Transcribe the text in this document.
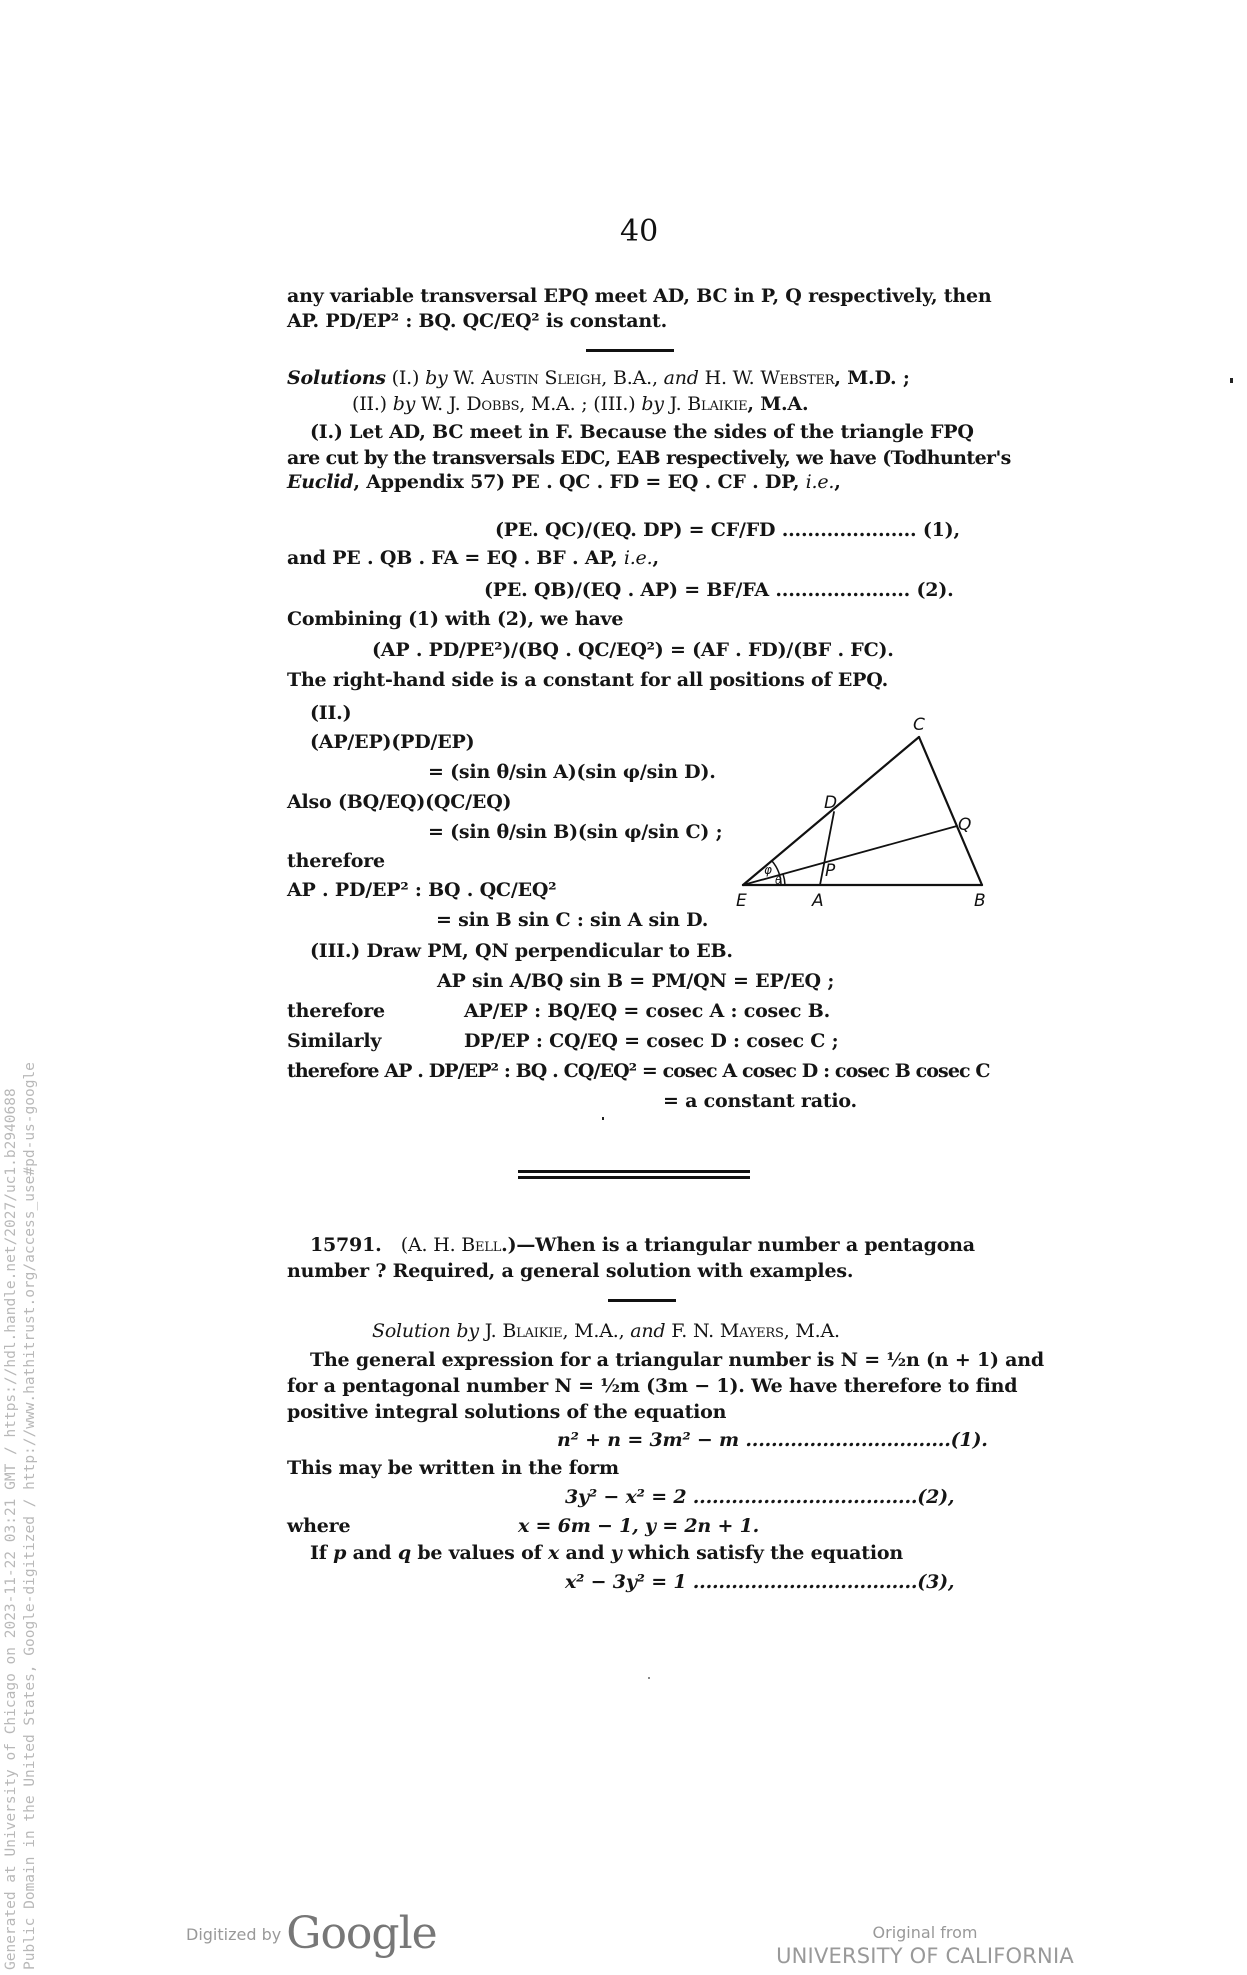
40
any variable transversal EPQ meet AD, BC in P, Q respectively, then
AP. PD/EP² : BQ. QC/EQ² is constant.
Solutions (I.) by W. Austin Sleigh, B.A., and H. W. Webster, M.D. ;
(II.) by W. J. Dobbs, M.A. ; (III.) by J. Blaikie, M.A.
(I.) Let AD, BC meet in F. Because the sides of the triangle FPQ
are cut by the transversals EDC, EAB respectively, we have (Todhunter's
Euclid, Appendix 57) PE . QC . FD = EQ . CF . DP, i.e.,
(PE. QC)/(EQ. DP) = CF/FD ..................... (1),
and PE . QB . FA = EQ . BF . AP, i.e.,
(PE. QB)/(EQ . AP) = BF/FA ..................... (2).
Combining (1) with (2), we have
(AP . PD/PE²)/(BQ . QC/EQ²) = (AF . FD)/(BF . FC).
The right-hand side is a constant for all positions of EPQ.
(II.)
(AP/EP)(PD/EP)
= (sin θ/sin A)(sin φ/sin D).
Also (BQ/EQ)(QC/EQ)
= (sin θ/sin B)(sin φ/sin C) ;
therefore
AP . PD/EP² : BQ . QC/EQ²
= sin B sin C : sin A sin D.
C
D
Q
P
E	A	B
φ
θ
(III.) Draw PM, QN perpendicular to EB.
AP sin A/BQ sin B = PM/QN = EP/EQ ;
therefore	AP/EP : BQ/EQ = cosec A : cosec B.
Similarly	DP/EP : CQ/EQ = cosec D : cosec C ;
therefore AP . DP/EP² : BQ . CQ/EQ² = cosec A cosec D : cosec B cosec C
= a constant ratio.
15791. (A. H. Bell.)—When is a triangular number a pentagona
number ? Required, a general solution with examples.
Solution by J. Blaikie, M.A., and F. N. Mayers, M.A.
The general expression for a triangular number is N = ½n (n + 1) and
for a pentagonal number N = ½m (3m − 1). We have therefore to find
positive integral solutions of the equation
n² + n = 3m² − m ................................(1).
This may be written in the form
3y² − x² = 2 ...................................(2),
where	x = 6m − 1, y = 2n + 1.
If p and q be values of x and y which satisfy the equation
x² − 3y² = 1 ...................................(3),
Generated at University of Chicago on 2023-11-22 03:21 GMT / https://hdl.handle.net/2027/uc1.b2940688 Public Domain in the United States, Google-digitized / http://www.hathitrust.org/access_use#pd-us-google	Digitized by Google	Original from
UNIVERSITY OF CALIFORNIA
